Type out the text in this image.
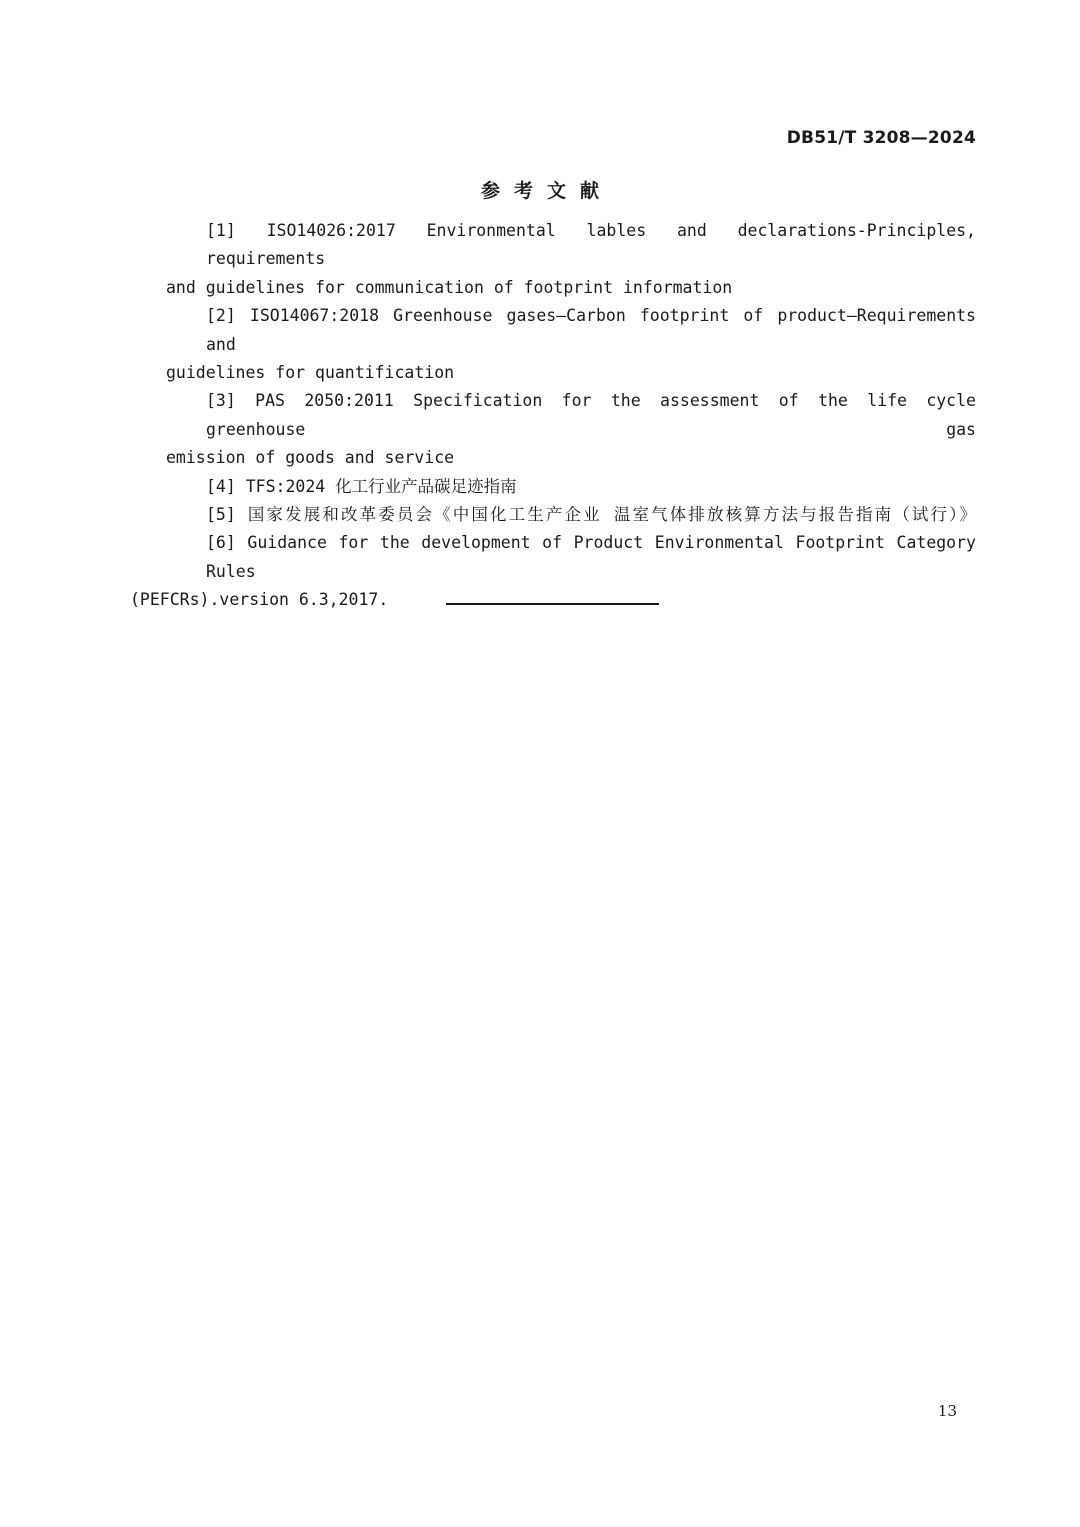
DB51/T 3208—2024
参考文献

[1] ISO14026:2017 Environmental lables and declarations-Principles, requirements
and guidelines for communication of footprint information

[2] ISO14067:2018 Greenhouse gases—Carbon footprint of product—Requirements and
guidelines for quantification

[3] PAS 2050:2011 Specification for the assessment of the life cycle greenhouse gas
emission of goods and service

[4] TFS:2024 化工行业产品碳足迹指南

[5] 国家发展和改革委员会《中国化工生产企业 温室气体排放核算方法与报告指南（试行）》

[6] Guidance for the development of Product Environmental Footprint Category Rules
(PEFCRs).version 6.3,2017.

13
